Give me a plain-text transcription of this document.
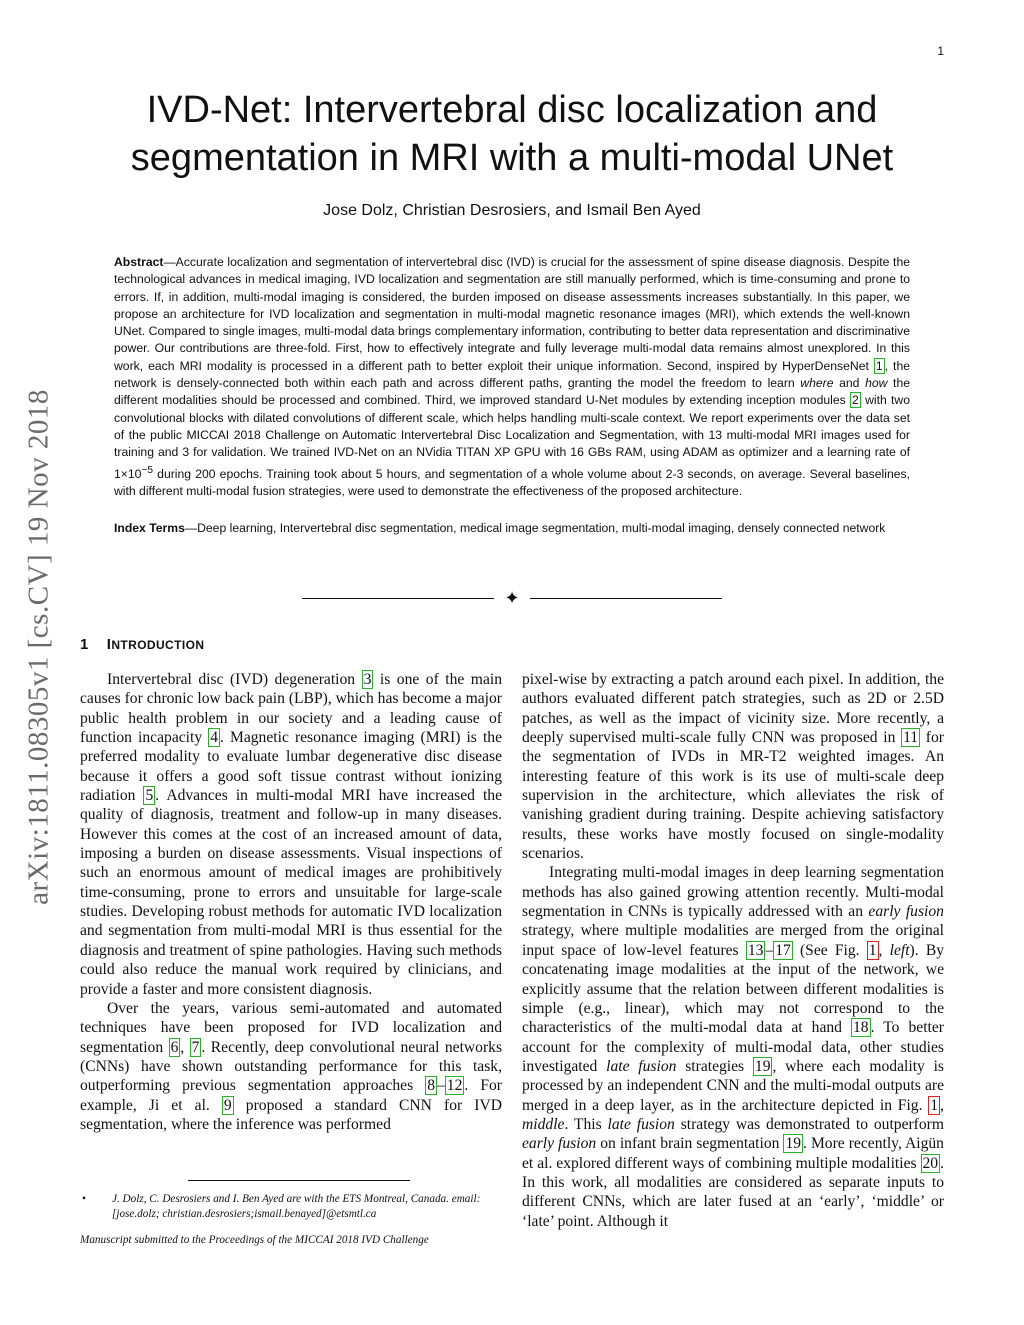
1
arXiv:1811.08305v1 [cs.CV] 19 Nov 2018
IVD-Net: Intervertebral disc localization and segmentation in MRI with a multi-modal UNet
Jose Dolz, Christian Desrosiers, and Ismail Ben Ayed

Abstract—Accurate localization and segmentation of intervertebral disc (IVD) is crucial for the assessment of spine disease diagnosis. Despite the technological advances in medical imaging, IVD localization and segmentation are still manually performed, which is time-consuming and prone to errors. If, in addition, multi-modal imaging is considered, the burden imposed on disease assessments increases substantially. In this paper, we propose an architecture for IVD localization and segmentation in multi-modal magnetic resonance images (MRI), which extends the well-known UNet. Compared to single images, multi-modal data brings complementary information, contributing to better data representation and discriminative power. Our contributions are three-fold. First, how to effectively integrate and fully leverage multi-modal data remains almost unexplored. In this work, each MRI modality is processed in a different path to better exploit their unique information. Second, inspired by HyperDenseNet 1 , the network is densely-connected both within each path and across different paths, granting the model the freedom to learn where and how the different modalities should be processed and combined. Third, we improved standard U-Net modules by extending inception modules 2 with two convolutional blocks with dilated convolutions of different scale, which helps handling multi-scale context. We report experiments over the data set of the public MICCAI 2018 Challenge on Automatic Intervertebral Disc Localization and Segmentation, with 13 multi-modal MRI images used for training and 3 for validation. We trained IVD-Net on an NVidia TITAN XP GPU with 16 GBs RAM, using ADAM as optimizer and a learning rate of $1\times 10^{-5}$ during 200 epochs. Training took about 5 hours, and segmentation of a whole volume about 2-3 seconds, on average. Several baselines, with different multi-modal fusion strategies, were used to demonstrate the effectiveness of the proposed architecture.

Index Terms—Deep learning, Intervertebral disc segmentation, medical image segmentation, multi-modal imaging, densely connected network

✦
1 INTRODUCTION

Intervertebral disc (IVD) degeneration 3 is one of the main causes for chronic low back pain (LBP), which has become a major public health problem in our society and a leading cause of function incapacity 4 . Magnetic resonance imaging (MRI) is the preferred modality to evaluate lumbar degenerative disc disease because it offers a good soft tissue contrast without ionizing radiation 5 . Advances in multi-modal MRI have increased the quality of diagnosis, treatment and follow-up in many diseases. However this comes at the cost of an increased amount of data, imposing a burden on disease assessments. Visual inspections of such an enormous amount of medical images are prohibitively time-consuming, prone to errors and unsuitable for large-scale studies. Developing robust methods for automatic IVD localization and segmentation from multi-modal MRI is thus essential for the diagnosis and treatment of spine pathologies. Having such methods could also reduce the manual work required by clinicians, and provide a faster and more consistent diagnosis.

Over the years, various semi-automated and automated techniques have been proposed for IVD localization and segmentation 6 , 7 . Recently, deep convolutional neural networks (CNNs) have shown outstanding performance for this task, outperforming previous segmentation approaches 8 – 12 . For example, Ji et al. 9 proposed a standard CNN for IVD segmentation, where the inference was performed

pixel-wise by extracting a patch around each pixel. In addition, the authors evaluated different patch strategies, such as 2D or 2.5D patches, as well as the impact of vicinity size. More recently, a deeply supervised multi-scale fully CNN was proposed in 11 for the segmentation of IVDs in MR-T2 weighted images. An interesting feature of this work is its use of multi-scale deep supervision in the architecture, which alleviates the risk of vanishing gradient during training. Despite achieving satisfactory results, these works have mostly focused on single-modality scenarios.

Integrating multi-modal images in deep learning segmentation methods has also gained growing attention recently. Multi-modal segmentation in CNNs is typically addressed with an early fusion strategy, where multiple modalities are merged from the original input space of low-level features 13 – 17 (See Fig. 1 , left). By concatenating image modalities at the input of the network, we explicitly assume that the relation between different modalities is simple (e.g., linear), which may not correspond to the characteristics of the multi-modal data at hand 18 . To better account for the complexity of multi-modal data, other studies investigated late fusion strategies 19 , where each modality is processed by an independent CNN and the multi-modal outputs are merged in a deep layer, as in the architecture depicted in Fig. 1 , middle. This late fusion strategy was demonstrated to outperform early fusion on infant brain segmentation 19 . More recently, Aigün et al. explored different ways of combining multiple modalities 20 . In this work, all modalities are considered as separate inputs to different CNNs, which are later fused at an ‘early’, ‘middle’ or ‘late’ point. Although it

•	J. Dolz, C. Desrosiers and I. Ben Ayed are with the ETS Montreal, Canada. email:[jose.dolz; christian.desrosiers;ismail.benayed]@etsmtl.ca
Manuscript submitted to the Proceedings of the MICCAI 2018 IVD Challenge
